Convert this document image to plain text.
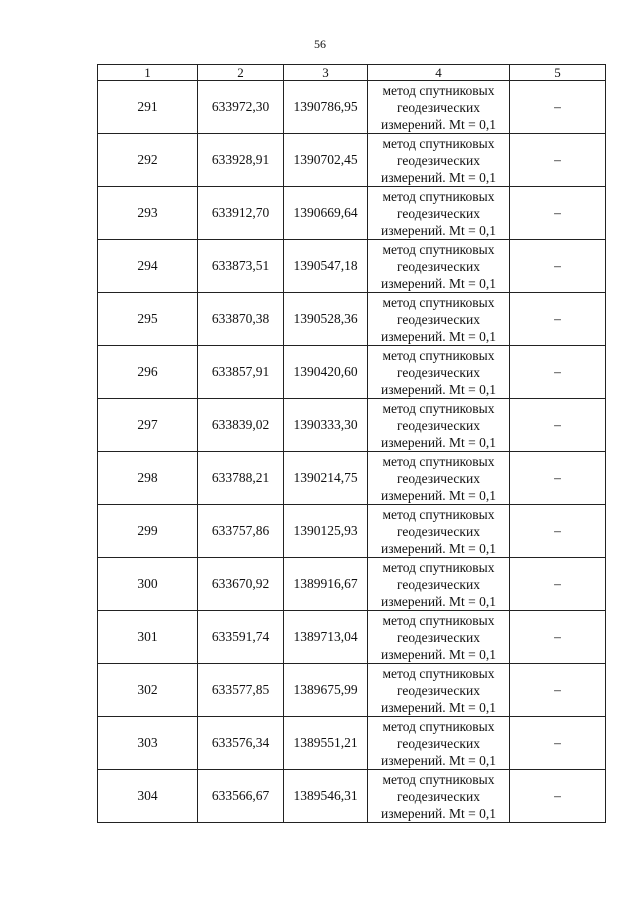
56
1	2	3	4	5
291	633972,30	1390786,95	метод спутниковых
геодезических
измерений. Mt = 0,1	–
292	633928,91	1390702,45	метод спутниковых
геодезических
измерений. Mt = 0,1	–
293	633912,70	1390669,64	метод спутниковых
геодезических
измерений. Mt = 0,1	–
294	633873,51	1390547,18	метод спутниковых
геодезических
измерений. Mt = 0,1	–
295	633870,38	1390528,36	метод спутниковых
геодезических
измерений. Mt = 0,1	–
296	633857,91	1390420,60	метод спутниковых
геодезических
измерений. Mt = 0,1	–
297	633839,02	1390333,30	метод спутниковых
геодезических
измерений. Mt = 0,1	–
298	633788,21	1390214,75	метод спутниковых
геодезических
измерений. Mt = 0,1	–
299	633757,86	1390125,93	метод спутниковых
геодезических
измерений. Mt = 0,1	–
300	633670,92	1389916,67	метод спутниковых
геодезических
измерений. Mt = 0,1	–
301	633591,74	1389713,04	метод спутниковых
геодезических
измерений. Mt = 0,1	–
302	633577,85	1389675,99	метод спутниковых
геодезических
измерений. Mt = 0,1	–
303	633576,34	1389551,21	метод спутниковых
геодезических
измерений. Mt = 0,1	–
304	633566,67	1389546,31	метод спутниковых
геодезических
измерений. Mt = 0,1	–
